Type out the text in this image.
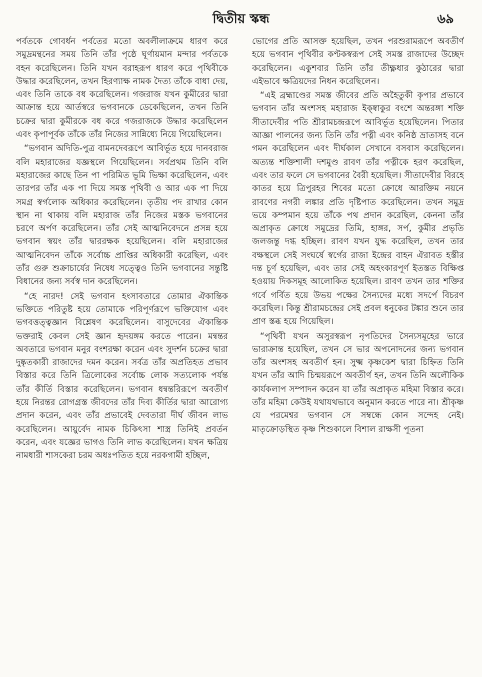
দ্বিতীয় স্কন্ধ	৬৯

পর্বতকে গোবর্ধন পর্বতের মতো অবলীলাক্রমে ধারণ করে সমুদ্রমন্থনের সময় তিনি তাঁর পৃষ্ঠে ঘূর্ণায়মান মন্দার পর্বতকে বহন করেছিলেন। তিনি যখন বরাহরূপ ধারণ করে পৃথিবীকে উদ্ধার করেছিলেন, তখন হিরণ্যাক্ষ নামক দৈত্য তাঁকে বাধা দেয়, এবং তিনি তাকে বধ করেছিলেন। গজরাজ যখন কুমীরের দ্বারা আক্রান্ত হয়ে আর্তস্বরে ভগবানকে ডেকেছিলেন, তখন তিনি চক্রের দ্বারা কুমীরকে বধ করে গজরাজকে উদ্ধার করেছিলেন এবং কৃপাপূর্বক তাঁকে তাঁর নিজের সান্নিধ্যে নিয়ে গিয়েছিলেন।

“ভগবান অদিতি-পুত্র বামনদেবরূপে আবির্ভূত হয়ে দানবরাজ বলি মহারাজের যজ্ঞস্থলে গিয়েছিলেন। সর্বপ্রথম তিনি বলি মহারাজের কাছে তিন পা পরিমিত ভূমি ভিক্ষা করেছিলেন, এবং তারপর তাঁর এক পা দিয়ে সমস্ত পৃথিবী ও আর এক পা দিয়ে সমগ্র স্বর্গলোক অধিকার করেছিলেন। তৃতীয় পদ রাখার কোন স্থান না থাকায় বলি মহারাজ তাঁর নিজের মস্তক ভগবানের চরণে অর্পণ করেছিলেন। তাঁর সেই আত্মনিবেদনে প্রসন্ন হয়ে ভগবান স্বয়ং তাঁর দ্বাররক্ষক হয়েছিলেন। বলি মহারাজের আত্মনিবেদন তাঁকে সর্বোচ্চ প্রাপ্তির অধিকারী করেছিল, এবং তাঁর গুরু শুক্রাচার্যের নিষেধ সত্ত্বেও তিনি ভগবানের সন্তুষ্টি বিধানের জন্য সর্বস্ব দান করেছিলেন।

“হে নারদ! সেই ভগবান হংসাবতারে তোমার ঐকান্তিক ভক্তিতে পরিতুষ্ট হয়ে তোমাকে পরিপূর্ণরূপে ভক্তিযোগ এবং ভগবত্তত্ত্বজ্ঞান বিশ্লেষণ করেছিলেন। বাসুদেবের ঐকান্তিক ভক্তরাই কেবল সেই জ্ঞান হৃদয়ঙ্গম করতে পারেন। মন্বন্তর অবতারে ভগবান মনুর বংশরক্ষা করেন এবং সুদর্শন চক্রের দ্বারা দুষ্কৃতকারী রাজাদের দমন করেন। সর্বত্র তাঁর অপ্রতিহত প্রভাব বিস্তার করে তিনি ত্রিলোকের সর্বোচ্চ লোক সত্যলোক পর্যন্ত তাঁর কীর্তি বিস্তার করেছিলেন। ভগবান ধন্বন্তরিরূপে অবতীর্ণ হয়ে নিরন্তর রোগগ্রস্ত জীবদের তাঁর দিব্য কীর্তির দ্বারা আরোগ্য প্রদান করেন, এবং তাঁর প্রভাবেই দেবতারা দীর্ঘ জীবন লাভ করেছিলেন। আয়ুর্বেদ নামক চিকিৎসা শাস্ত্র তিনিই প্রবর্তন করেন, এবং যজ্ঞের ভাগও তিনি লাভ করেছিলেন। যখন ক্ষত্রিয় নামধারী শাসকেরা চরম অধঃপতিত হয়ে নরকগামী হচ্ছিল,

ভোগের প্রতি আসক্ত হয়েছিল, তখন পরশুরামরূপে অবতীর্ণ হয়ে ভগবান পৃথিবীর কণ্টকস্বরূপ সেই সমস্ত রাজাদের উচ্ছেদ করেছিলেন। একুশবার তিনি তাঁর তীক্ষ্ণধার কুঠারের দ্বারা এইভাবে ক্ষত্রিয়দের নিধন করেছিলেন।

“এই ব্রহ্মাণ্ডের সমস্ত জীবের প্রতি অহৈতুকী কৃপার প্রভাবে ভগবান তাঁর অংশসহ মহারাজ ইক্ষ্বাকুর বংশে অন্তরঙ্গা শক্তি সীতাদেবীর পতি শ্রীরামচন্দ্ররূপে আবির্ভূত হয়েছিলেন। পিতার আজ্ঞা পালনের জন্য তিনি তাঁর পত্নী এবং কনিষ্ঠ ভ্রাতাসহ বনে গমন করেছিলেন এবং দীর্ঘকাল সেখানে বসবাস করেছিলেন। অত্যন্ত শক্তিশালী দশমুণ্ড রাবণ তাঁর পত্নীকে হরণ করেছিল, এবং তার ফলে সে ভগবানের বৈরী হয়েছিল। সীতাদেবীর বিরহে কাতর হয়ে ত্রিপুরহর শিবের মতো ক্রোধে আরক্তিম নয়নে রাবণের নগরী লঙ্কার প্রতি দৃষ্টিপাত করেছিলেন। তখন সমুদ্র ভয়ে কম্পমান হয়ে তাঁকে পথ প্রদান করেছিল, কেননা তাঁর অপ্রাকৃত ক্রোধে সমুদ্রের তিমি, হাঙ্গর, সর্প, কুমীর প্রভৃতি জলজন্তু দগ্ধ হচ্ছিল। রাবণ যখন যুদ্ধ করেছিল, তখন তার বক্ষস্থলে সেই সংঘর্ষে স্বর্গের রাজা ইন্দ্রের বাহন ঐরাবত হস্তীর দন্ত চূর্ণ হয়েছিল, এবং তার সেই অহংকারপূর্ণ ইতস্তত বিক্ষিপ্ত হওয়ায় দিকসমূহ আলোকিত হয়েছিল। রাবণ তখন তার শক্তির গর্বে গর্বিত হয়ে উভয় পক্ষের সৈন্যদের মধ্যে সদর্পে বিচরণ করেছিল। কিন্তু শ্রীরামচন্দ্রের সেই প্রবল ধনুকের টঙ্কার শুনে তার প্রাণ স্তব্ধ হয়ে গিয়েছিল।

“পৃথিবী যখন অসুরস্বরূপ নৃপতিদের সৈন্যসমূহের ভারে ভারাক্রান্ত হয়েছিল, তখন সে ভার অপনোদনের জন্য ভগবান তাঁর অংশসহ অবতীর্ণ হন। সুক্ষ্ম কৃষ্ণকেশ দ্বারা চিহ্নিত তিনি যখন তাঁর আদি চিন্ময়রূপে অবতীর্ণ হন, তখন তিনি অলৌকিক কার্যকলাপ সম্পাদন করেন যা তাঁর অপ্রাকৃত মহিমা বিস্তার করে। তাঁর মহিমা কেউই যথাযথভাবে অনুমান করতে পারে না। শ্রীকৃষ্ণ যে পরমেশ্বর ভগবান সে সম্বন্ধে কোন সন্দেহ নেই। মাতৃক্রোড়স্থিত কৃষ্ণ শিশুকালে বিশাল রাক্ষসী পূতনা
